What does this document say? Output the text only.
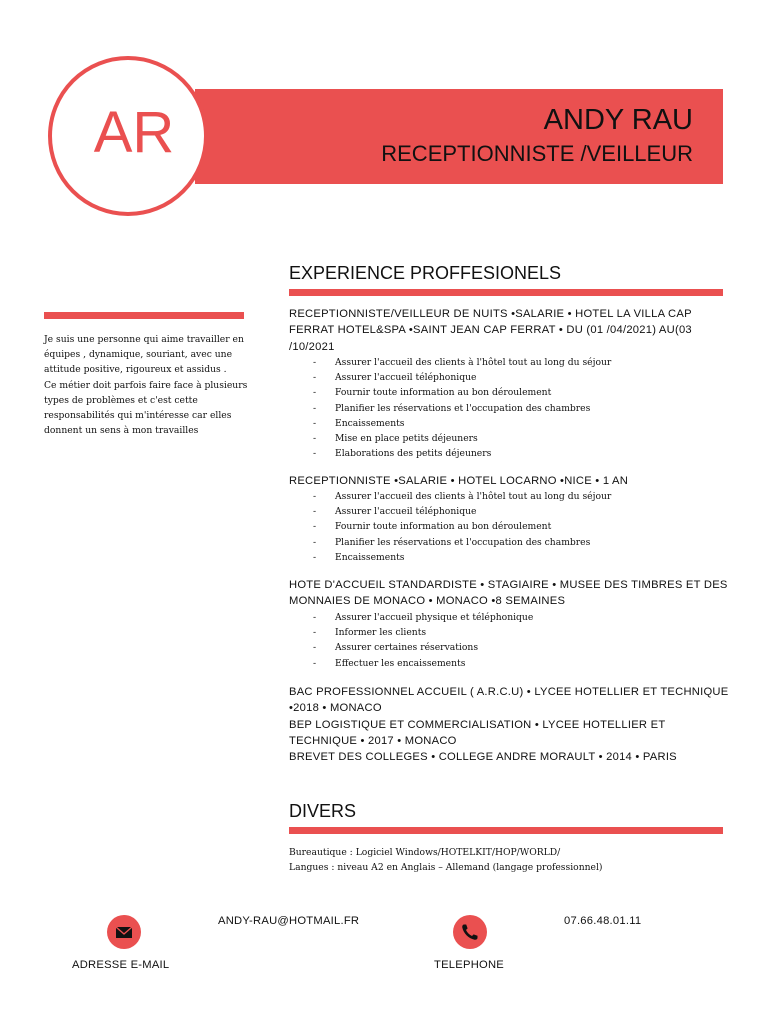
AR	ANDY RAU
RECEPTIONNISTE /VEILLEUR

Je suis une personne qui aime travailler en équipes , dynamique, souriant, avec une attitude positive, rigoureux et assidus .

Ce métier doit parfois faire face à plusieurs types de problèmes et c'est cette responsabilités qui m'intéresse car elles donnent un sens à mon travailles

EXPERIENCE PROFFESIONELS
RECEPTIONNISTE/VEILLEUR DE NUITS •SALARIE • HOTEL LA VILLA CAP FERRAT HOTEL&SPA •SAINT JEAN CAP FERRAT • DU (01 /04/2021) AU(03 /10/2021
- Assurer l'accueil des clients à l'hôtel tout au long du séjour
- Assurer l'accueil téléphonique
- Fournir toute information au bon déroulement
- Planifier les réservations et l'occupation des chambres
- Encaissements
- Mise en place petits déjeuners
- Elaborations des petits déjeuners
RECEPTIONNISTE •SALARIE • HOTEL LOCARNO •NICE • 1 AN
- Assurer l'accueil des clients à l'hôtel tout au long du séjour
- Assurer l'accueil téléphonique
- Fournir toute information au bon déroulement
- Planifier les réservations et l'occupation des chambres
- Encaissements
HOTE D'ACCUEIL STANDARDISTE • STAGIAIRE • MUSEE DES TIMBRES ET DES MONNAIES DE MONACO • MONACO •8 SEMAINES
- Assurer l'accueil physique et téléphonique
- Informer les clients
- Assurer certaines réservations
- Effectuer les encaissements
BAC PROFESSIONNEL ACCUEIL ( A.R.C.U) • LYCEE HOTELLIER ET TECHNIQUE •2018 • MONACO
BEP LOGISTIQUE ET COMMERCIALISATION • LYCEE HOTELLIER ET TECHNIQUE • 2017 • MONACO
BREVET DES COLLEGES • COLLEGE ANDRE MORAULT • 2014 • PARIS
DIVERS
Bureautique : Logiciel Windows/HOTELKIT/HOP/WORLD/
Langues : niveau A2 en Anglais – Allemand (langage professionnel)
ANDY-RAU@HOTMAIL.FR
ADRESSE E-MAIL
07.66.48.01.11
TELEPHONE
